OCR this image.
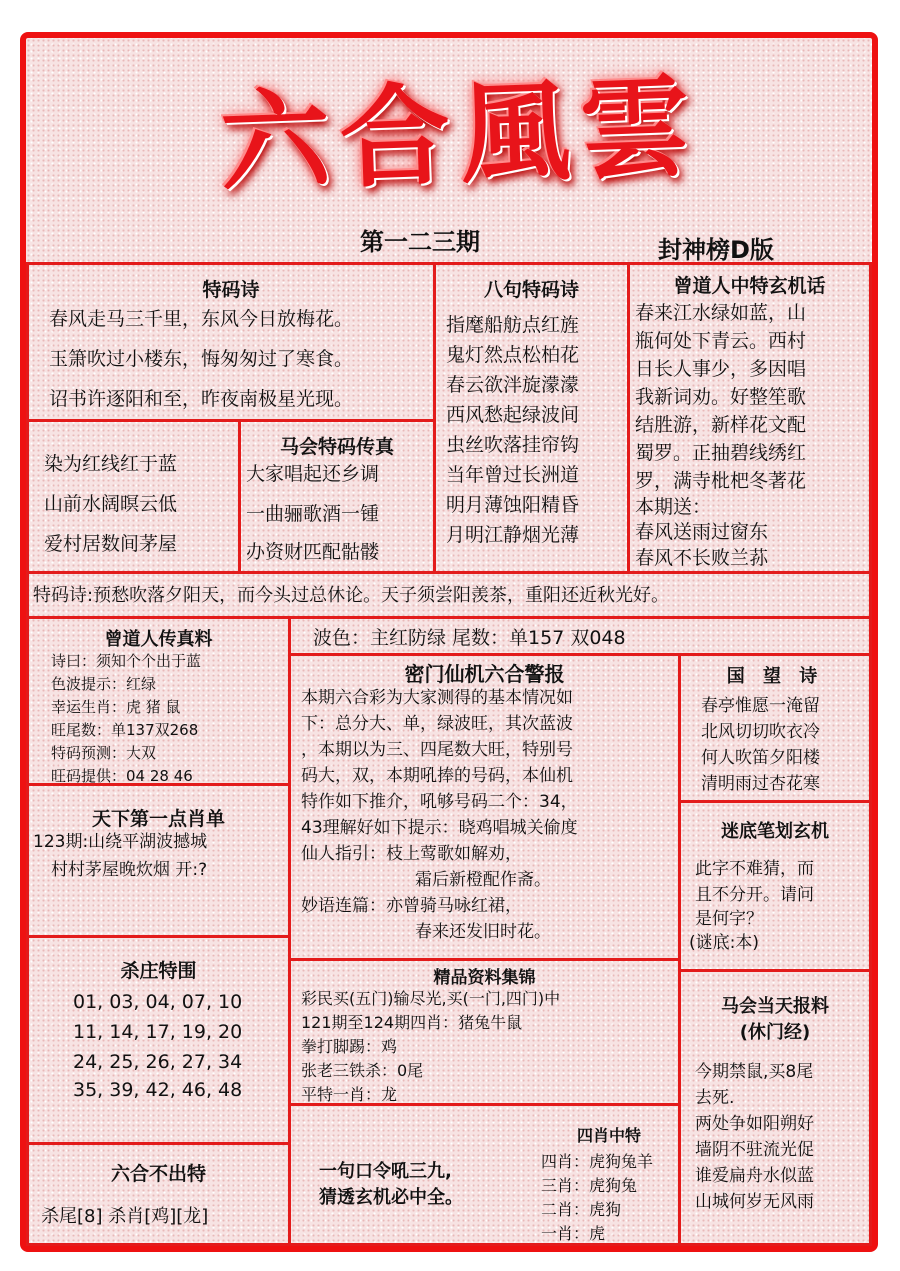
六合風雲
第一二三期	封神榜D版
特码诗
春风走马三千里，东风今日放梅花。
玉箫吹过小楼东，悔匆匆过了寒食。
诏书许逐阳和至，昨夜南极星光现。
八句特码诗
指麾船舫点红旌
鬼灯然点松柏花
春云欲泮旋濛濛
西风愁起绿波间
虫丝吹落挂帘钩
当年曾过长洲道
明月薄蚀阳精昏
月明江静烟光薄
曾道人中特玄机话
春来江水绿如蓝，山
瓶何处下青云。西村
日长人事少，多因唱
我新词劝。好整笙歌
结胜游，新样花文配
蜀罗。正抽碧线绣红
罗，满寺枇杷冬著花
本期送：
春风送雨过窗东
春风不长败兰荪
染为红线红于蓝
山前水阔暝云低
爱村居数间茅屋
马会特码传真
大家唱起还乡调
一曲骊歌酒一锺
办资财匹配骷髅
特码诗:预愁吹落夕阳天，而今头过总休论。天子须尝阳羡茶，重阳还近秋光好。
曾道人传真料
诗曰：须知个个出于蓝
色波提示：红绿
幸运生肖：虎 猪 鼠
旺尾数：单137双268
特码预测：大双
旺码提供：04 28 46
波色：主红防绿 尾数：单157 双048
密门仙机六合警报
本期六合彩为大家测得的基本情况如
下：总分大、单，绿波旺，其次蓝波
，本期以为三、四尾数大旺，特别号
码大，双，本期吼捧的号码，本仙机
特作如下推介，吼够号码二个：34，
43理解好如下提示：晓鸡唱城关偷度
仙人指引：枝上莺歌如解劝，
霜后新橙配作斋。
妙语连篇：亦曾骑马咏红裙，
春来还发旧时花。
国 望 诗
春亭惟愿一淹留
北风切切吹衣冷
何人吹笛夕阳楼
清明雨过杏花寒
天下第一点肖单
123期:山绕平湖波撼城
村村茅屋晚炊烟 开:?
迷底笔划玄机
此字不难猜，而
且不分开。请问
是何字？
(谜底:本)
杀庄特围
01, 03, 04, 07, 10
11, 14, 17, 19, 20
24, 25, 26, 27, 34
35, 39, 42, 46, 48
精品资料集锦
彩民买(五门)输尽光,买(一门,四门)中
121期至124期四肖：猪兔牛鼠
拳打脚踢：鸡
张老三铁杀：0尾
平特一肖：龙
马会当天报料
(休门经)
今期禁鼠,买8尾
去死.
两处争如阳朔好
墙阴不驻流光促
谁爱扁舟水似蓝
山城何岁无风雨
六合不出特
杀尾[8] 杀肖[鸡][龙]
一句口令吼三九,
猜透玄机必中全。
四肖中特
四肖：虎狗兔羊
三肖：虎狗兔
二肖：虎狗
一肖：虎
